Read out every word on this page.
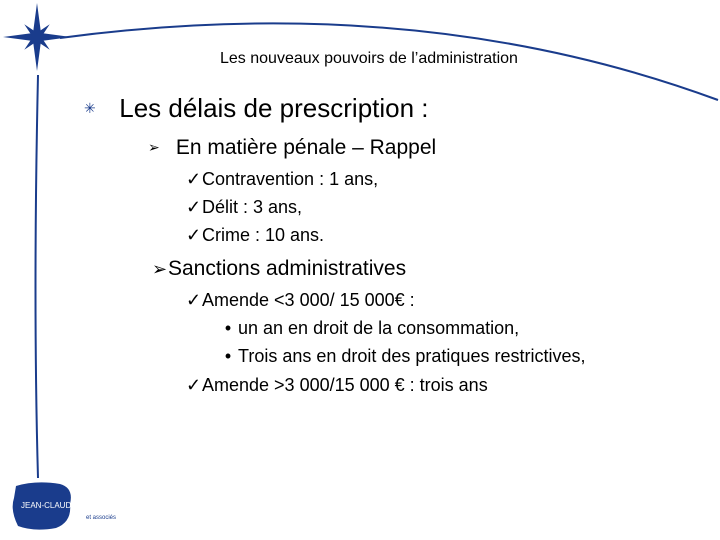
Les nouveaux pouvoirs de l’administration
✳ Les délais de prescription :
➢ En matière pénale – Rappel
✓Contravention : 1 ans,
✓Délit : 3 ans,
✓Crime : 10 ans.
➢Sanctions administratives
✓Amende <3 000/ 15 000€ :
• un an en droit de la consommation,
• Trois ans en droit des pratiques restrictives,
✓Amende >3 000/15 000 € : trois ans
JEAN-CLAUDE COULON
et associés
